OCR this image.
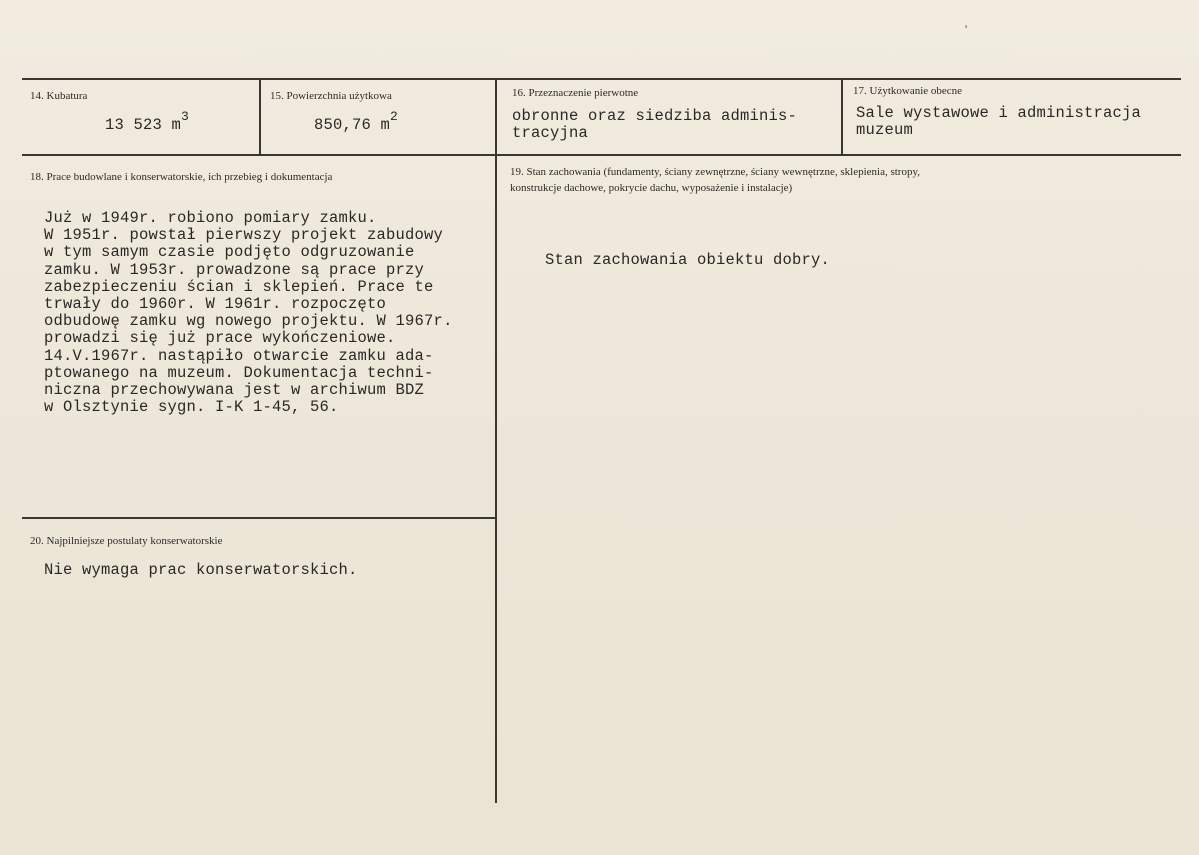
'
14. Kubatura
13 523 $m^3$
15. Powierzchnia użytkowa
850,76 $m^2$
16. Przeznaczenie pierwotne
obronne oraz siedziba adminis-
tracyjna
17. Użytkowanie obecne
Sale wystawowe i administracja
muzeum
18. Prace budowlane i konserwatorskie, ich przebieg i dokumentacja
Już w 1949r. robiono pomiary zamku.
W 1951r. powstał pierwszy projekt zabudowy
w tym samym czasie podjęto odgruzowanie
zamku. W 1953r. prowadzone są prace przy
zabezpieczeniu ścian i sklepień. Prace te
trwały do 1960r. W 1961r. rozpoczęto
odbudowę zamku wg nowego projektu. W 1967r.
prowadzi się już prace wykończeniowe.
14.V.1967r. nastąpiło otwarcie zamku ada-
ptowanego na muzeum. Dokumentacja techni-
niczna przechowywana jest w archiwum BDZ
w Olsztynie sygn. I-K 1-45, 56.
19. Stan zachowania (fundamenty, ściany zewnętrzne, ściany wewnętrzne, sklepienia, stropy,
konstrukcje dachowe, pokrycie dachu, wyposażenie i instalacje)
Stan zachowania obiektu dobry.
20. Najpilniejsze postulaty konserwatorskie
Nie wymaga prac konserwatorskich.
